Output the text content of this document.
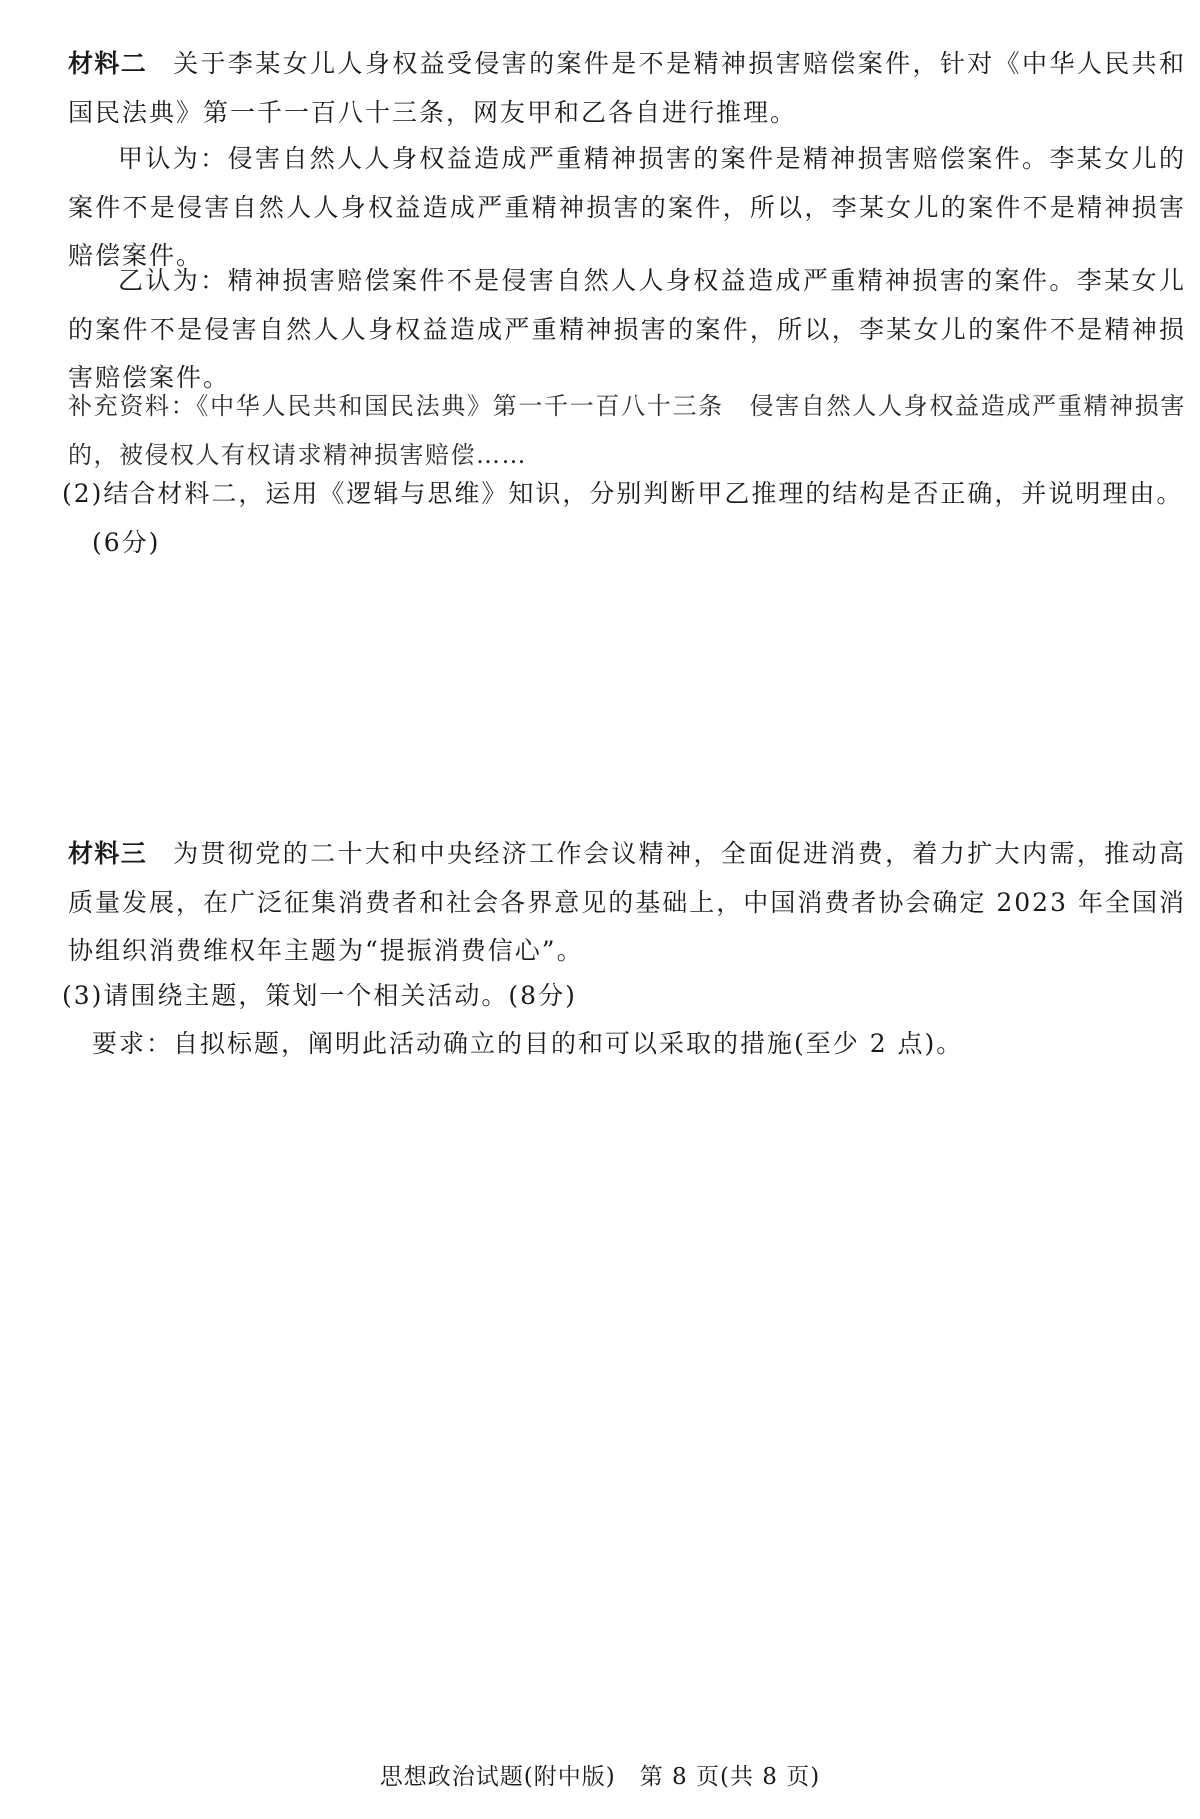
材料二 关于李某女儿人身权益受侵害的案件是不是精神损害赔偿案件，针对《中华人民共和国民法典》第一千一百八十三条，网友甲和乙各自进行推理。
甲认为：侵害自然人人身权益造成严重精神损害的案件是精神损害赔偿案件。李某女儿的案件不是侵害自然人人身权益造成严重精神损害的案件，所以，李某女儿的案件不是精神损害赔偿案件。
乙认为：精神损害赔偿案件不是侵害自然人人身权益造成严重精神损害的案件。李某女儿的案件不是侵害自然人人身权益造成严重精神损害的案件，所以，李某女儿的案件不是精神损害赔偿案件。
补充资料：《中华人民共和国民法典》第一千一百八十三条　侵害自然人人身权益造成严重精神损害的，被侵权人有权请求精神损害赔偿……
(2)结合材料二，运用《逻辑与思维》知识，分别判断甲乙推理的结构是否正确，并说明理由。
(6分)
材料三 为贯彻党的二十大和中央经济工作会议精神，全面促进消费，着力扩大内需，推动高质量发展，在广泛征集消费者和社会各界意见的基础上，中国消费者协会确定 2023 年全国消协组织消费维权年主题为“提振消费信心”。
(3)请围绕主题，策划一个相关活动。(8分)
要求：自拟标题，阐明此活动确立的目的和可以采取的措施(至少 2 点)。
思想政治试题(附中版)　第 8 页(共 8 页)
